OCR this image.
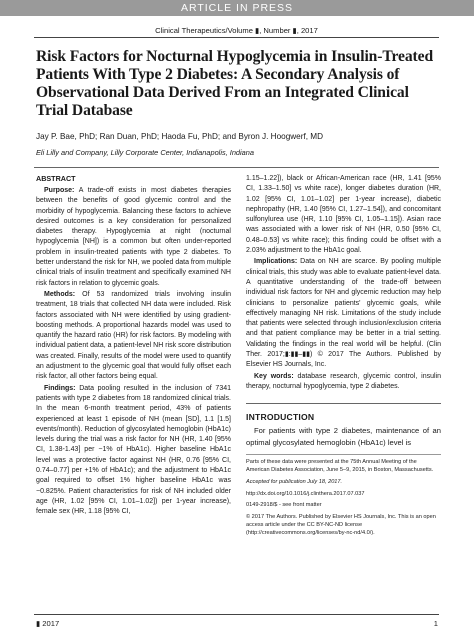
ARTICLE IN PRESS
Clinical Therapeutics/Volume ▮, Number ▮, 2017
Risk Factors for Nocturnal Hypoglycemia in Insulin-Treated Patients With Type 2 Diabetes: A Secondary Analysis of Observational Data Derived From an Integrated Clinical Trial Database
Jay P. Bae, PhD; Ran Duan, PhD; Haoda Fu, PhD; and Byron J. Hoogwerf, MD
Eli Lilly and Company, Lilly Corporate Center, Indianapolis, Indiana
ABSTRACT

Purpose: A trade-off exists in most diabetes therapies between the benefits of good glycemic control and the morbidity of hypoglycemia. Balancing these factors to achieve desired outcomes is a key consideration for personalized diabetes therapy. Hypoglycemia at night (nocturnal hypoglycemia [NH]) is a common but often under-reported problem in insulin-treated patients with type 2 diabetes. To better understand the risk for NH, we pooled data from multiple clinical trials of insulin treatment and specifically examined NH risk factors in relation to glycemic goals.

Methods: Of 53 randomized trials involving insulin treatment, 18 trials that collected NH data were included. Risk factors associated with NH were identified by using gradient-boosting methods. A proportional hazards model was used to quantify the hazard ratio (HR) for risk factors. By modeling with individual patient data, a patient-level NH risk score distribution was created. Finally, results of the model were used to quantify an adjustment to the glycemic goal that would fully offset each risk factor, all other factors being equal.

Findings: Data pooling resulted in the inclusion of 7341 patients with type 2 diabetes from 18 randomized clinical trials. In the mean 6-month treatment period, 43% of patients experienced at least 1 episode of NH (mean [SD], 1.1 [1.5] events/month). Reduction of glycosylated hemoglobin (HbA1c) levels during the trial was a risk factor for NH (HR, 1.40 [95% CI, 1.38-1.43] per −1% of HbA1c). Higher baseline HbA1c level was a protective factor against NH (HR, 0.76 [95% CI, 0.74–0.77] per +1% of HbA1c); and the adjustment to HbA1c goal required to offset 1% higher baseline HbA1c was −0.825%. Patient characteristics for risk of NH included older age (HR, 1.02 [95% CI, 1.01–1.02]) per 1-year increase), female sex (HR, 1.18 [95% CI,

1.15–1.22]), black or African-American race (HR, 1.41 [95% CI, 1.33–1.50] vs white race), longer diabetes duration (HR, 1.02 [95% CI, 1.01–1.02] per 1-year increase), diabetic nephropathy (HR, 1.40 [95% CI, 1.27–1.54]), and concomitant sulfonylurea use (HR, 1.10 [95% CI, 1.05–1.15]). Asian race was associated with a lower risk of NH (HR, 0.50 [95% CI, 0.48–0.53] vs white race); this finding could be offset with a 2.03% adjustment to the HbA1c goal.

Implications: Data on NH are scarce. By pooling multiple clinical trials, this study was able to evaluate patient-level data. A quantitative understanding of the trade-off between individual risk factors for NH and glycemic reduction may help clinicians to personalize patients' glycemic goals, while effectively managing NH risk. Limitations of the study include that patients were selected through inclusion/exclusion criteria and that patient compliance may be better in a trial setting. Validating the findings in the real world will be helpful. (Clin Ther. 2017;▮:▮▮–▮▮) © 2017 The Authors. Published by Elsevier HS Journals, Inc.

Key words: database research, glycemic control, insulin therapy, nocturnal hypoglycemia, type 2 diabetes.

INTRODUCTION

For patients with type 2 diabetes, maintenance of an optimal glycosylated hemoglobin (HbA1c) level is

Parts of these data were presented at the 75th Annual Meeting of the American Diabetes Association, June 5–9, 2015, in Boston, Massachusetts.

Accepted for publication July 18, 2017.

http://dx.doi.org/10.1016/j.clinthera.2017.07.037

0149-2918/$ - see front matter

© 2017 The Authors. Published by Elsevier HS Journals, Inc. This is an open access article under the CC BY-NC-ND license (http://creativecommons.org/licenses/by-nc-nd/4.0/).

▮ 2017	1
